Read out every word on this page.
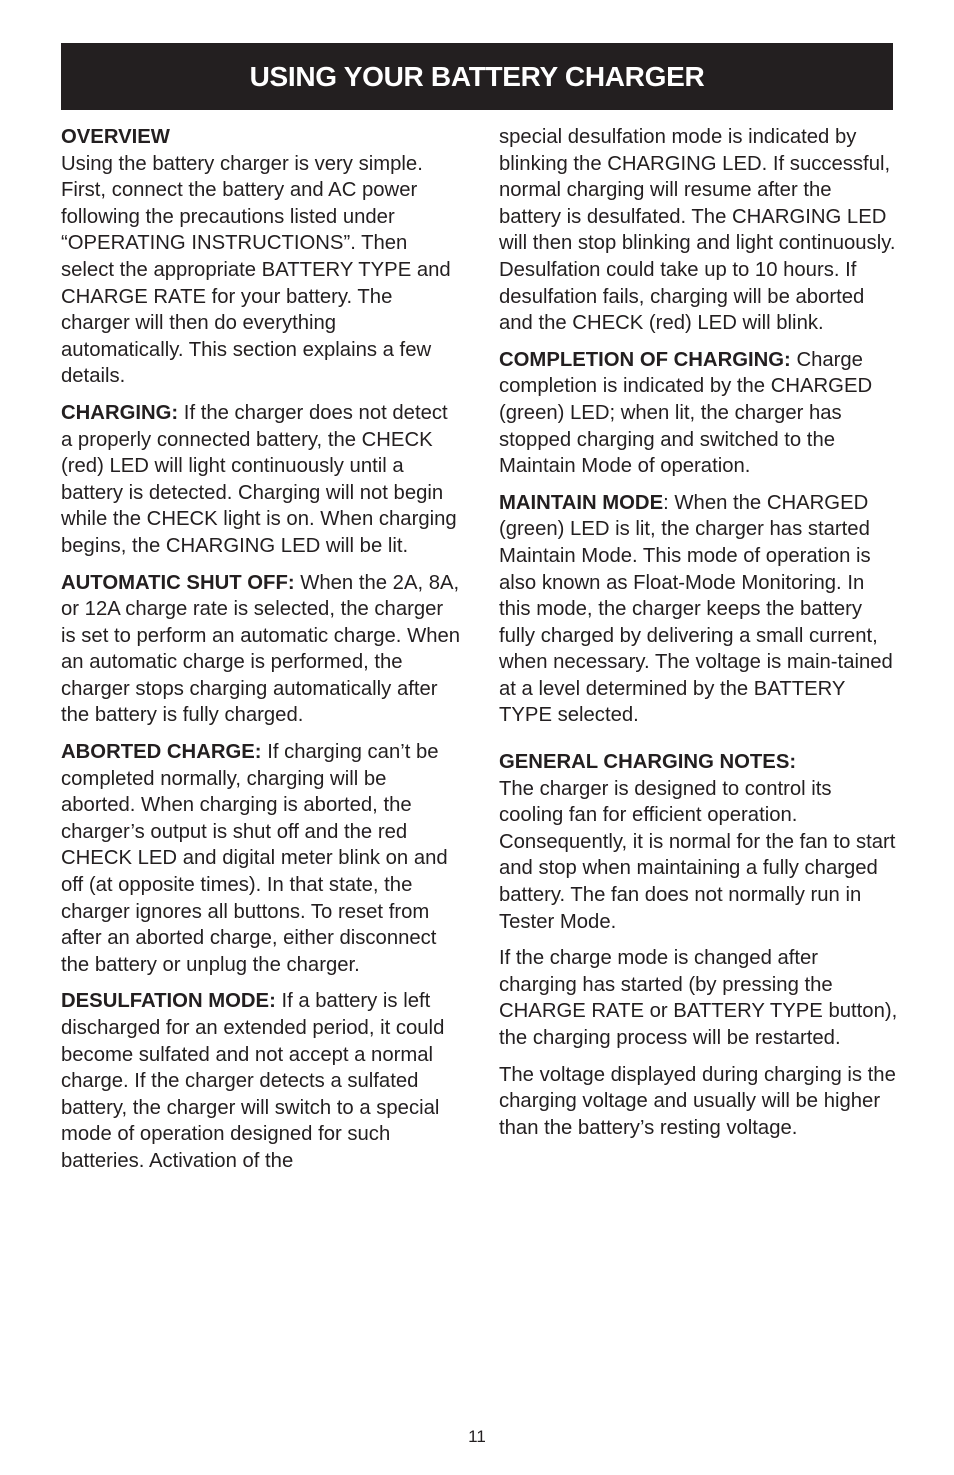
USING YOUR BATTERY CHARGER

OVERVIEW
Using the battery charger is very simple. First, connect the battery and AC power following the precautions listed under “OPERATING INSTRUCTIONS”. Then select the appropriate BATTERY TYPE and CHARGE RATE for your battery. The charger will then do everything automatically. This section explains a few details.

CHARGING: If the charger does not detect a properly connected battery, the CHECK (red) LED will light continuously until a battery is detected. Charging will not begin while the CHECK light is on. When charging begins, the CHARGING LED will be lit.

AUTOMATIC SHUT OFF: When the 2A, 8A, or 12A charge rate is selected, the charger is set to perform an automatic charge. When an automatic charge is performed, the charger stops charging automatically after the battery is fully charged.

ABORTED CHARGE: If charging can’t be completed normally, charging will be aborted. When charging is aborted, the charger’s output is shut off and the red CHECK LED and digital meter blink on and off (at opposite times). In that state, the charger ignores all buttons. To reset from after an aborted charge, either disconnect the battery or unplug the charger.

DESULFATION MODE: If a battery is left discharged for an extended period, it could become sulfated and not accept a normal charge. If the charger detects a sulfated battery, the charger will switch to a special mode of operation designed for such batteries. Activation of the

special desulfation mode is indicated by blinking the CHARGING LED. If successful, normal charging will resume after the battery is desulfated. The CHARGING LED will then stop blinking and light continuously. Desulfation could take up to 10 hours. If desulfation fails, charging will be aborted and the CHECK (red) LED will blink.

COMPLETION OF CHARGING: Charge completion is indicated by the CHARGED (green) LED; when lit, the charger has stopped charging and switched to the Maintain Mode of operation.

MAINTAIN MODE: When the CHARGED (green) LED is lit, the charger has started Maintain Mode. This mode of operation is also known as Float-Mode Monitoring. In this mode, the charger keeps the battery fully charged by delivering a small current, when necessary. The voltage is main-tained at a level determined by the BATTERY TYPE selected.

GENERAL CHARGING NOTES:
The charger is designed to control its cooling fan for efficient operation. Consequently, it is normal for the fan to start and stop when maintaining a fully charged battery. The fan does not normally run in Tester Mode.

If the charge mode is changed after charging has started (by pressing the CHARGE RATE or BATTERY TYPE button), the charging process will be restarted.

The voltage displayed during charging is the charging voltage and usually will be higher than the battery’s resting voltage.

11
